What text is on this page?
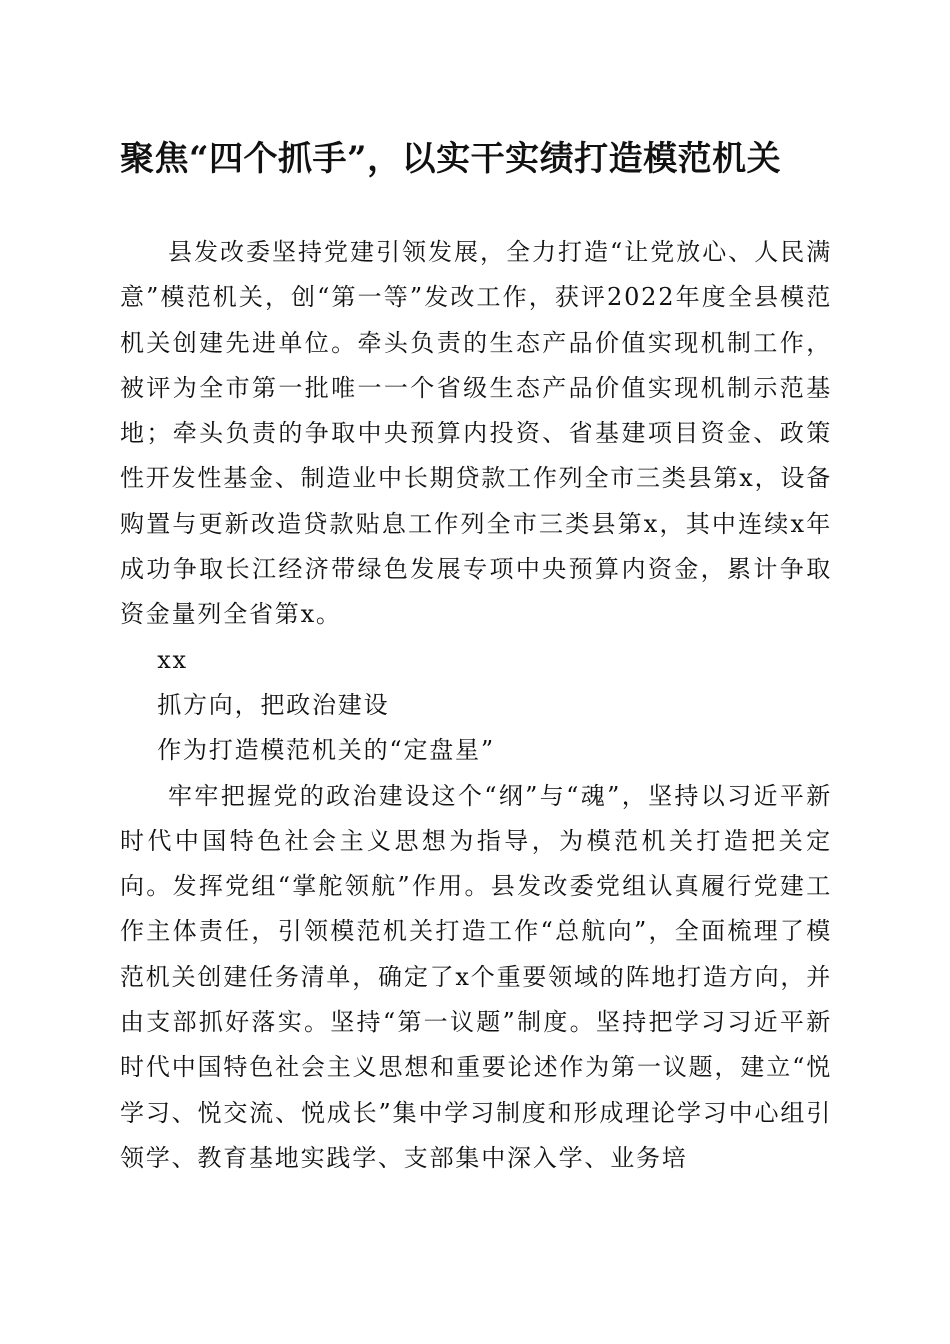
聚焦“四个抓手”，以实干实绩打造模范机关

县发改委坚持党建引领发展，全力打造“让党放心、人民满意”模范机关，创“第一等”发改工作，获评2022年度全县模范机关创建先进单位。牵头负责的生态产品价值实现机制工作，被评为全市第一批唯一一个省级生态产品价值实现机制示范基地；牵头负责的争取中央预算内投资、省基建项目资金、政策性开发性基金、制造业中长期贷款工作列全市三类县第x，设备购置与更新改造贷款贴息工作列全市三类县第x，其中连续x年成功争取长江经济带绿色发展专项中央预算内资金，累计争取资金量列全省第x。

xx

抓方向，把政治建设

作为打造模范机关的“定盘星”

牢牢把握党的政治建设这个“纲”与“魂”，坚持以习近平新时代中国特色社会主义思想为指导，为模范机关打造把关定向。发挥党组“掌舵领航”作用。县发改委党组认真履行党建工作主体责任，引领模范机关打造工作“总航向”，全面梳理了模范机关创建任务清单，确定了x个重要领域的阵地打造方向，并由支部抓好落实。坚持“第一议题”制度。坚持把学习习近平新时代中国特色社会主义思想和重要论述作为第一议题，建立“悦学习、悦交流、悦成长”集中学习制度和形成理论学习中心组引领学、教育基地实践学、支部集中深入学、业务培
